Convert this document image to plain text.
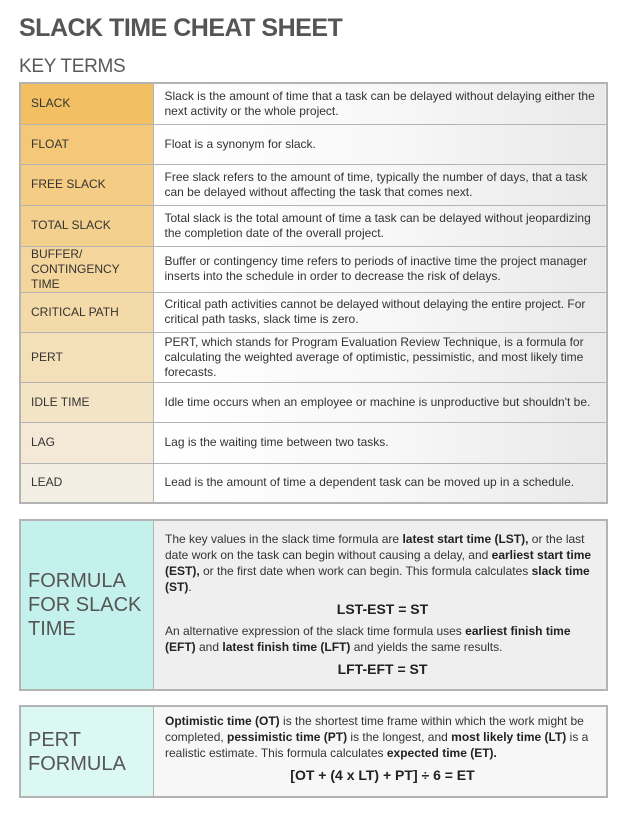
SLACK TIME CHEAT SHEET
KEY TERMS
SLACK	Slack is the amount of time that a task can be delayed without delaying either the next activity or the whole project.
FLOAT	Float is a synonym for slack.
FREE SLACK	Free slack refers to the amount of time, typically the number of days, that a task can be delayed without affecting the task that comes next.
TOTAL SLACK	Total slack is the total amount of time a task can be delayed without jeopardizing the completion date of the overall project.
BUFFER/ CONTINGENCY TIME	Buffer or contingency time refers to periods of inactive time the project manager inserts into the schedule in order to decrease the risk of delays.
CRITICAL PATH	Critical path activities cannot be delayed without delaying the entire project. For critical path tasks, slack time is zero.
PERT	PERT, which stands for Program Evaluation Review Technique, is a formula for calculating the weighted average of optimistic, pessimistic, and most likely time forecasts.
IDLE TIME	Idle time occurs when an employee or machine is unproductive but shouldn't be.
LAG	Lag is the waiting time between two tasks.
LEAD	Lead is the amount of time a dependent task can be moved up in a schedule.
FORMULA FOR SLACK TIME
The key values in the slack time formula are latest start time (LST), or the last date work on the task can begin without causing a delay, and earliest start time (EST), or the first date when work can begin. This formula calculates slack time (ST).
LST-EST = ST
An alternative expression of the slack time formula uses earliest finish time (EFT) and latest finish time (LFT) and yields the same results.
LFT-EFT = ST
PERT FORMULA
Optimistic time (OT) is the shortest time frame within which the work might be completed, pessimistic time (PT) is the longest, and most likely time (LT) is a realistic estimate. This formula calculates expected time (ET).
[OT + (4 x LT) + PT] ÷ 6 = ET
